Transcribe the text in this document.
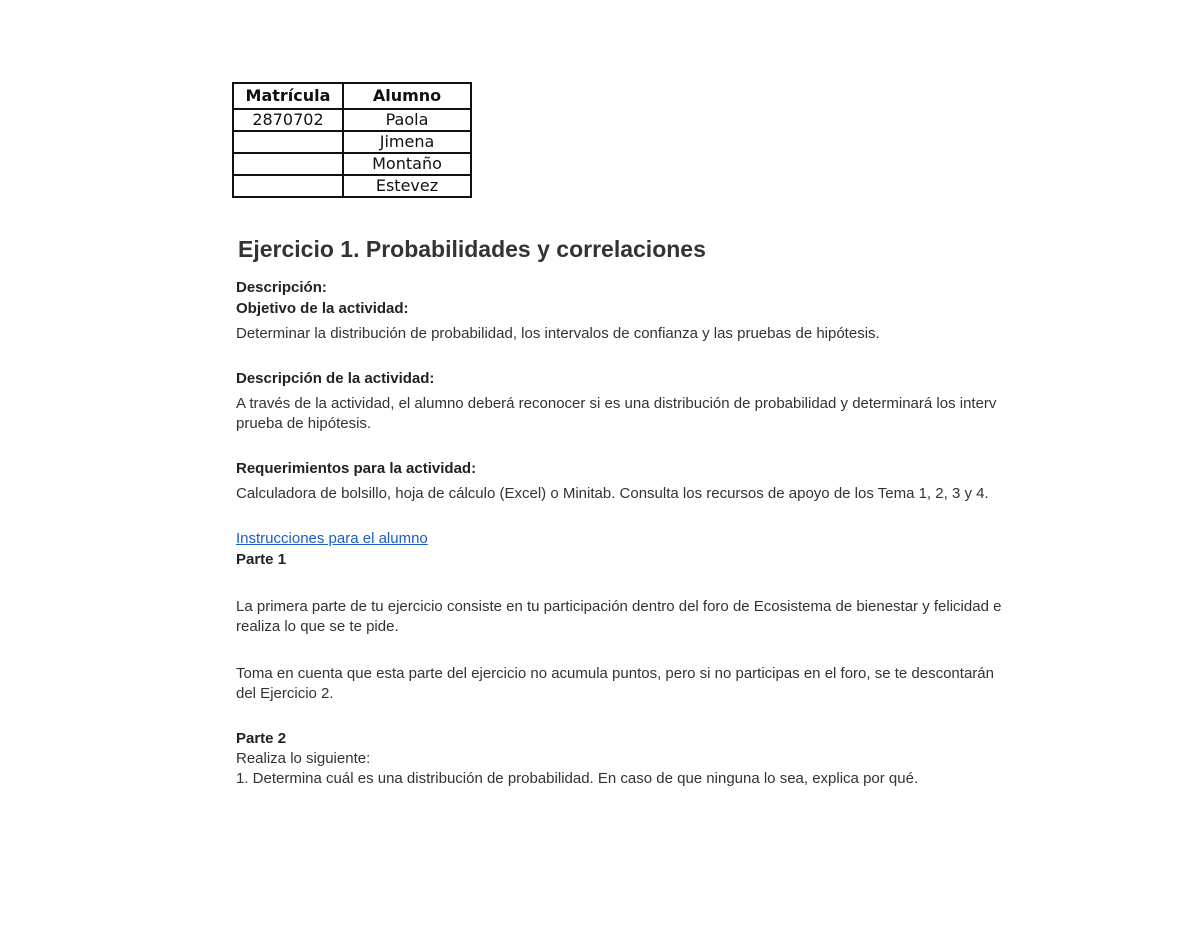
Matrícula	Alumno
2870702	Paola
	Jimena
	Montaño
	Estevez
Ejercicio 1. Probabilidades y correlaciones
Descripción:
Objetivo de la actividad:
Determinar la distribución de probabilidad, los intervalos de confianza y las pruebas de hipótesis.
Descripción de la actividad:
A través de la actividad, el alumno deberá reconocer si es una distribución de probabilidad y determinará los interv
prueba de hipótesis.
Requerimientos para la actividad:
Calculadora de bolsillo, hoja de cálculo (Excel) o Minitab. Consulta los recursos de apoyo de los Tema 1, 2, 3 y 4.
Instrucciones para el alumno
Parte 1
La primera parte de tu ejercicio consiste en tu participación dentro del foro de Ecosistema de bienestar y felicidad e
realiza lo que se te pide.
Toma en cuenta que esta parte del ejercicio no acumula puntos, pero si no participas en el foro, se te descontarán
del Ejercicio 2.
Parte 2
Realiza lo siguiente:
1. Determina cuál es una distribución de probabilidad. En caso de que ninguna lo sea, explica por qué.
